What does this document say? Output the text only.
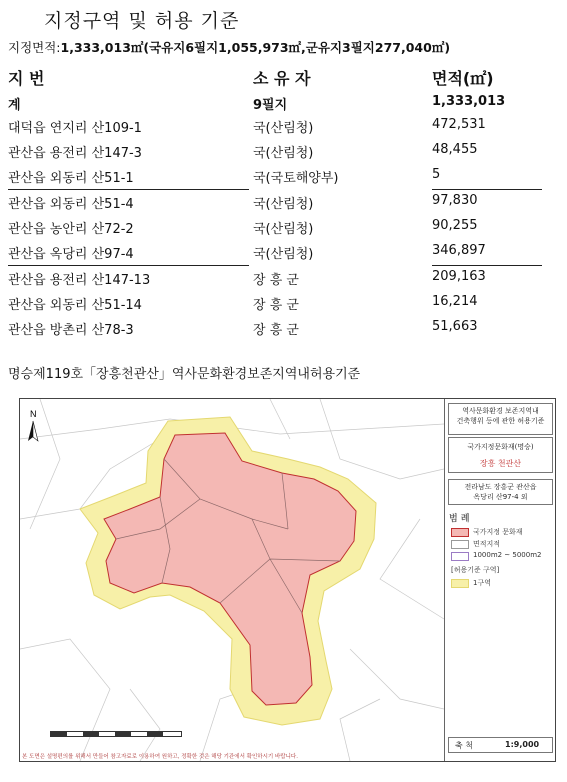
지정구역 및 허용 기준
지정면적:1,333,013㎡(국유지6필지1,055,973㎡,군유지3필지277,040㎡)
지 번	소 유 자	면적(㎡)
계	9필지	1,333,013
대덕읍 연지리 산109-1	국(산림청)	472,531
관산읍 용전리 산147-3	국(산림청)	48,455
관산읍 외동리 산51-1	국(국토해양부)	5
관산읍 외동리 산51-4	국(산림청)	97,830
관산읍 농안리 산72-2	국(산림청)	90,255
관산읍 옥당리 산97-4	국(산림청)	346,897
관산읍 용전리 산147-13	장 흥 군	209,163
관산읍 외동리 산51-14	장 흥 군	16,214
관산읍 방촌리 산78-3	장 흥 군	51,663
명승제119호「장흥천관산」역사문화환경보존지역내허용기준
N
본 도면은 설명편의를 위해서 만들어 참고자료로 이용하여 원하고, 정확한 것은 해당 기관에서 확인하시기 바랍니다.
역사문화환경 보존지역내
건축행위 등에 관한 허용기준
국가지정문화재(명승)
장흥 천관산
전라남도 장흥군 관산읍
옥당리 산97-4 외
범 례
국가지정 문화재
면적지적
1000m2 ~ 5000m2
[허용기준 구역]
1구역
축 척	1:9,000
